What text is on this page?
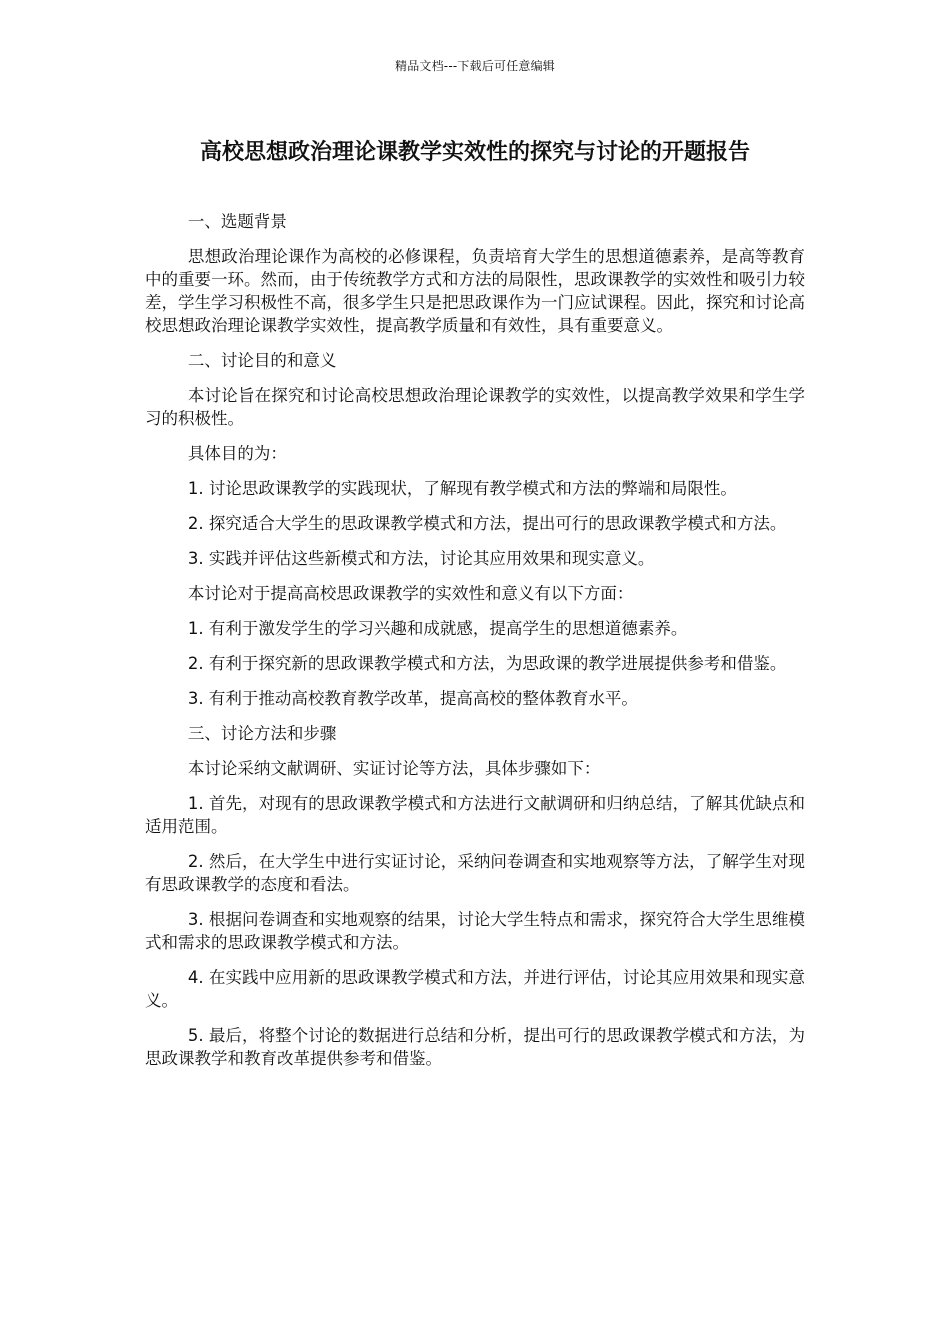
精品文档---下载后可任意编辑
高校思想政治理论课教学实效性的探究与讨论的开题报告

一、选题背景

思想政治理论课作为高校的必修课程，负责培育大学生的思想道德素养，是高等教育中的重要一环。然而，由于传统教学方式和方法的局限性，思政课教学的实效性和吸引力较差，学生学习积极性不高，很多学生只是把思政课作为一门应试课程。因此，探究和讨论高校思想政治理论课教学实效性，提高教学质量和有效性，具有重要意义。

二、讨论目的和意义

本讨论旨在探究和讨论高校思想政治理论课教学的实效性，以提高教学效果和学生学习的积极性。

具体目的为：

1. 讨论思政课教学的实践现状，了解现有教学模式和方法的弊端和局限性。

2. 探究适合大学生的思政课教学模式和方法，提出可行的思政课教学模式和方法。

3. 实践并评估这些新模式和方法，讨论其应用效果和现实意义。

本讨论对于提高高校思政课教学的实效性和意义有以下方面：

1. 有利于激发学生的学习兴趣和成就感，提高学生的思想道德素养。

2. 有利于探究新的思政课教学模式和方法，为思政课的教学进展提供参考和借鉴。

3. 有利于推动高校教育教学改革，提高高校的整体教育水平。

三、讨论方法和步骤

本讨论采纳文献调研、实证讨论等方法，具体步骤如下：

1. 首先，对现有的思政课教学模式和方法进行文献调研和归纳总结，了解其优缺点和适用范围。

2. 然后，在大学生中进行实证讨论，采纳问卷调查和实地观察等方法，了解学生对现有思政课教学的态度和看法。

3. 根据问卷调查和实地观察的结果，讨论大学生特点和需求，探究符合大学生思维模式和需求的思政课教学模式和方法。

4. 在实践中应用新的思政课教学模式和方法，并进行评估，讨论其应用效果和现实意义。

5. 最后，将整个讨论的数据进行总结和分析，提出可行的思政课教学模式和方法，为思政课教学和教育改革提供参考和借鉴。
